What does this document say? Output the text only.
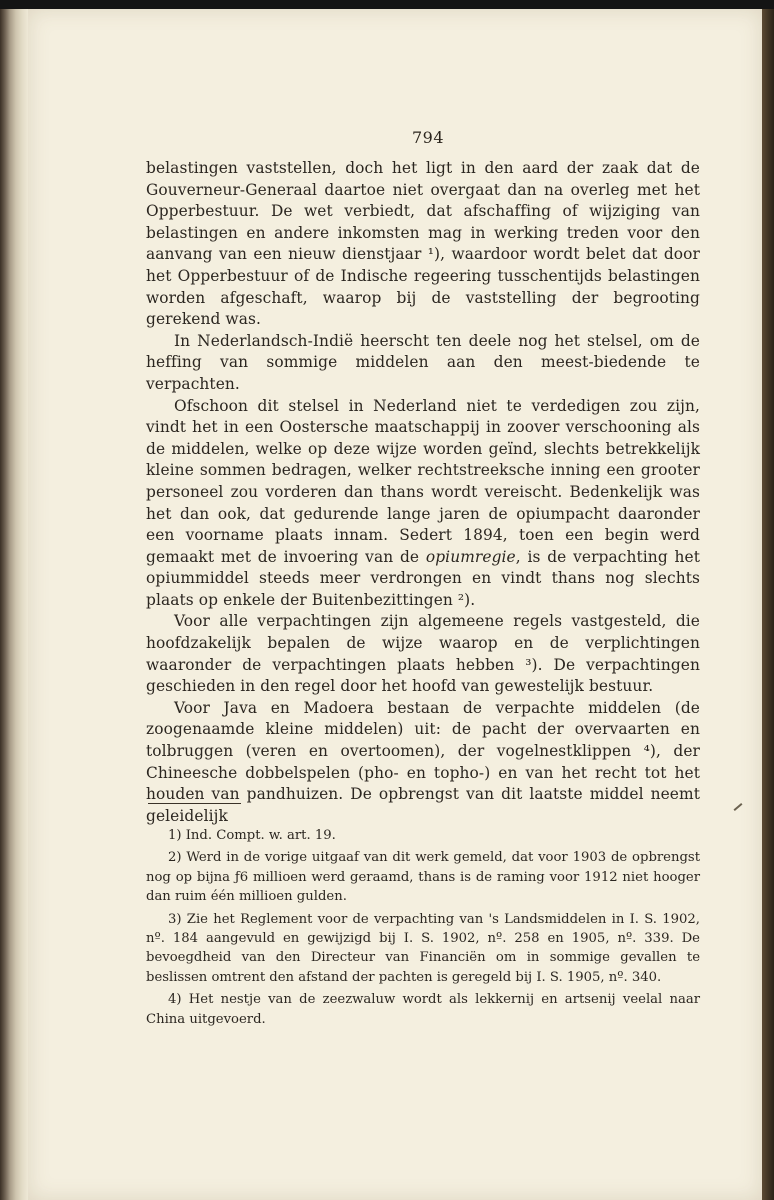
794

belastingen vaststellen, doch het ligt in den aard der zaak dat de Gouverneur-Generaal daartoe niet overgaat dan na overleg met het Opperbestuur. De wet verbiedt, dat afschaffing of wijziging van belastingen en andere inkomsten mag in werking treden voor den aanvang van een nieuw dienstjaar ¹), waardoor wordt belet dat door het Opperbestuur of de Indische regeering tusschentijds belastingen worden afgeschaft, waarop bij de vaststelling der begrooting gerekend was.

In Nederlandsch-Indië heerscht ten deele nog het stelsel, om de heffing van sommige middelen aan den meest-biedende te verpachten.

Ofschoon dit stelsel in Nederland niet te verdedigen zou zijn, vindt het in een Oostersche maatschappij in zoover verschooning als de middelen, welke op deze wijze worden geïnd, slechts betrekkelijk kleine sommen bedragen, welker rechtstreeksche inning een grooter personeel zou vorderen dan thans wordt vereischt. Bedenkelijk was het dan ook, dat gedurende lange jaren de opiumpacht daaronder een voorname plaats innam. Sedert 1894, toen een begin werd gemaakt met de invoering van de opiumregie, is de verpachting het opiummiddel steeds meer verdrongen en vindt thans nog slechts plaats op enkele der Buitenbezittingen ²).

Voor alle verpachtingen zijn algemeene regels vastgesteld, die hoofdzakelijk bepalen de wijze waarop en de verplichtingen waaronder de verpachtingen plaats hebben ³). De verpachtingen geschieden in den regel door het hoofd van gewestelijk bestuur.

Voor Java en Madoera bestaan de verpachte middelen (de zoogenaamde kleine middelen) uit: de pacht der overvaarten en tolbruggen (veren en overtoomen), der vogelnestklippen ⁴), der Chineesche dobbelspelen (pho- en topho-) en van het recht tot het houden van pandhuizen. De opbrengst van dit laatste middel neemt geleidelijk

1) Ind. Compt. w. art. 19.

2) Werd in de vorige uitgaaf van dit werk gemeld, dat voor 1903 de opbrengst nog op bijna ƒ6 millioen werd geraamd, thans is de raming voor 1912 niet hooger dan ruim één millioen gulden.

3) Zie het Reglement voor de verpachting van 's Landsmiddelen in I. S. 1902, nº. 184 aangevuld en gewijzigd bij I. S. 1902, nº. 258 en 1905, nº. 339. De bevoegdheid van den Directeur van Financiën om in sommige gevallen te beslissen omtrent den afstand der pachten is geregeld bij I. S. 1905, nº. 340.

4) Het nestje van de zeezwaluw wordt als lekkernij en artsenij veelal naar China uitgevoerd.
